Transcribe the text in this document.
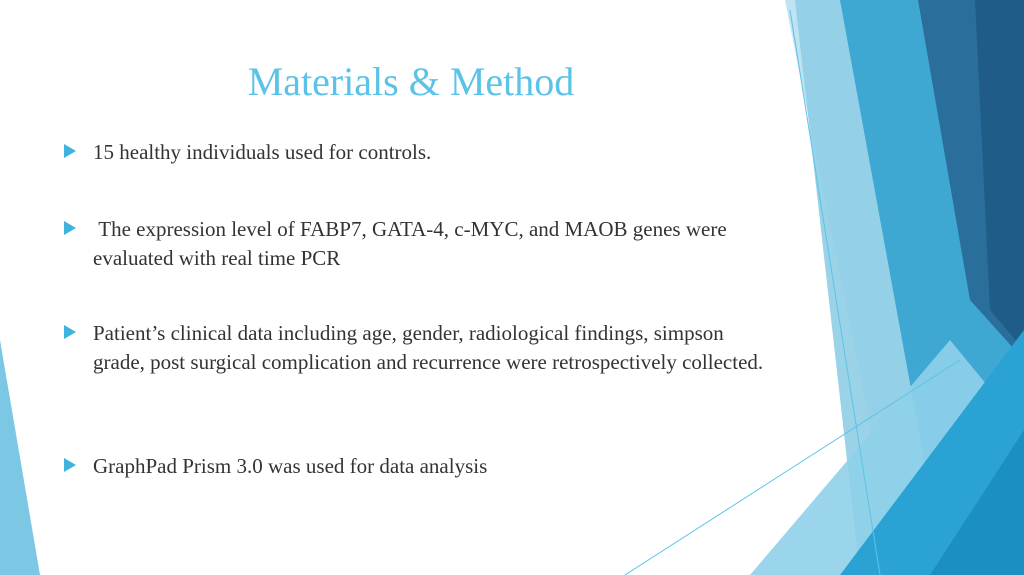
Materials & Method
15 healthy individuals used for controls.
The expression level of FABP7, GATA-4, c-MYC, and MAOB genes were evaluated with real time PCR
Patient’s clinical data including age, gender, radiological findings, simpson grade, post surgical complication and recurrence were retrospectively collected.
GraphPad Prism 3.0 was used for data analysis
